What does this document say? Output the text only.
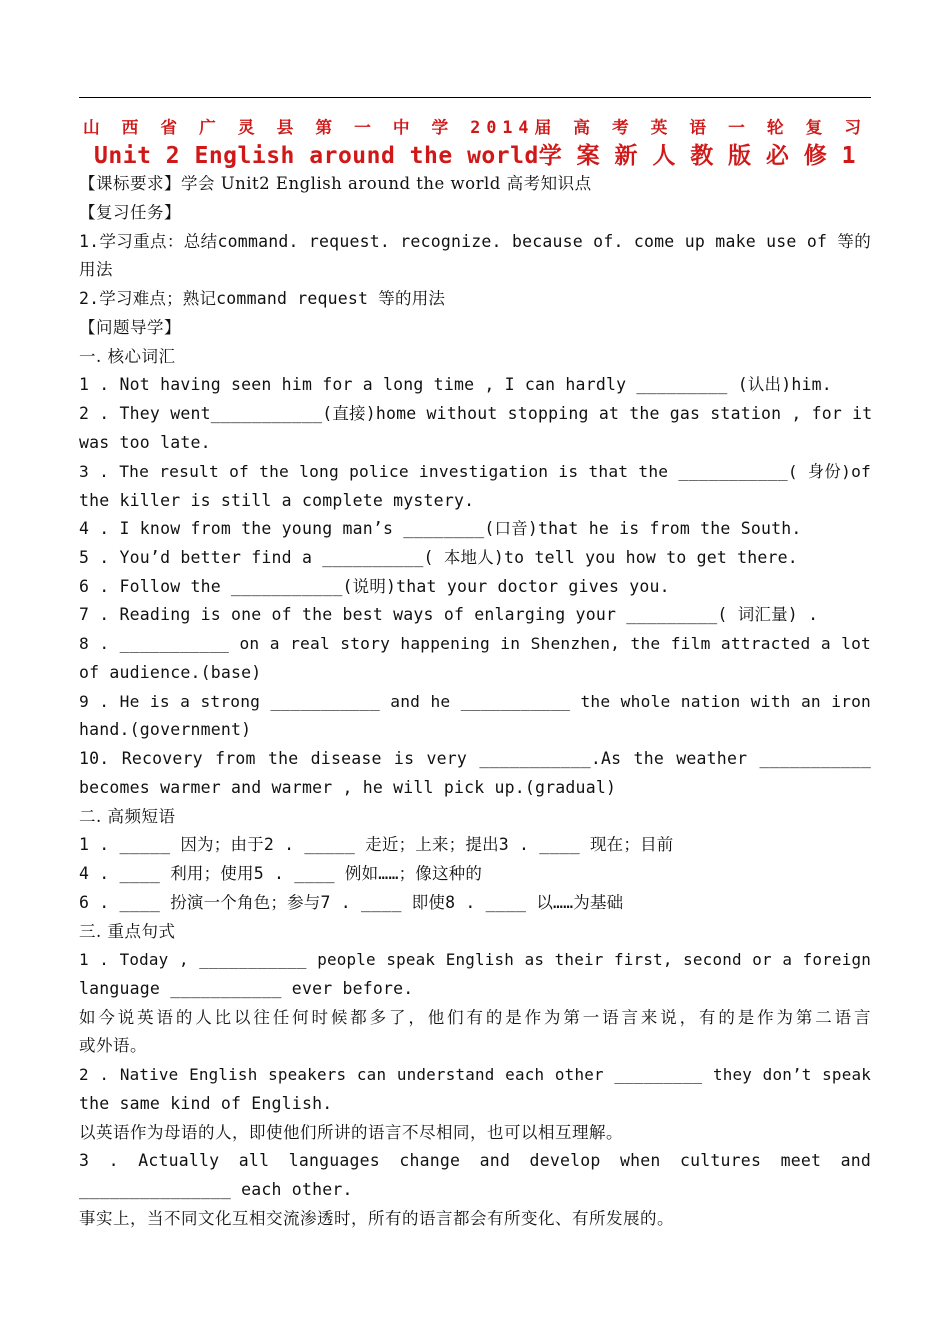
山 西 省 广 灵 县 第 一 中 学 2014届 高 考 英 语 一 轮 复 习
Unit 2 English around the world学 案 新 人 教 版 必 修 1
【课标要求】学会 Unit2 English around the world 高考知识点
【复习任务】
1.学习重点：总结command. request. recognize. because of. come up make use of 等的
用法
2.学习难点；熟记command request 等的用法
【问题导学】
一. 核心词汇
1 . Not having seen him for a long time , I can hardly _________ (认出)him.
2 . They went___________(直接)home without stopping at the gas station , for it
was too late.
3 . The result of the long police investigation is that the ___________( 身份)of
the killer is still a complete mystery.
4 . I know from the young man’s ________(口音)that he is from the South.
5 . You’d better find a __________( 本地人)to tell you how to get there.
6 . Follow the ___________(说明)that your doctor gives you.
7 . Reading is one of the best ways of enlarging your _________( 词汇量) .
8 . ___________ on a real story happening in Shenzhen, the film attracted a lot
of audience.(base)
9 . He is a strong ___________ and he ___________ the whole nation with an iron
hand.(government)
10. Recovery from the disease is very ___________.As the weather ___________
becomes warmer and warmer , he will pick up.(gradual)
二. 高频短语
1 . _____ 因为；由于2 . _____ 走近；上来；提出3 . ____ 现在；目前
4 . ____ 利用；使用5 . ____ 例如……；像这种的
6 . ____ 扮演一个角色；参与7 . ____ 即使8 . ____ 以……为基础
三. 重点句式
1 . Today , ___________ people speak English as their first, second or a foreign
language ___________ ever before.
如今说英语的人比以往任何时候都多了，他们有的是作为第一语言来说，有的是作为第二语言
或外语。
2 . Native English speakers can understand each other _________ they don’t speak
the same kind of English.
以英语作为母语的人，即使他们所讲的语言不尽相同，也可以相互理解。
3 . Actually all languages change and develop when cultures meet and
_______________ each other.
事实上，当不同文化互相交流渗透时，所有的语言都会有所变化、有所发展的。
